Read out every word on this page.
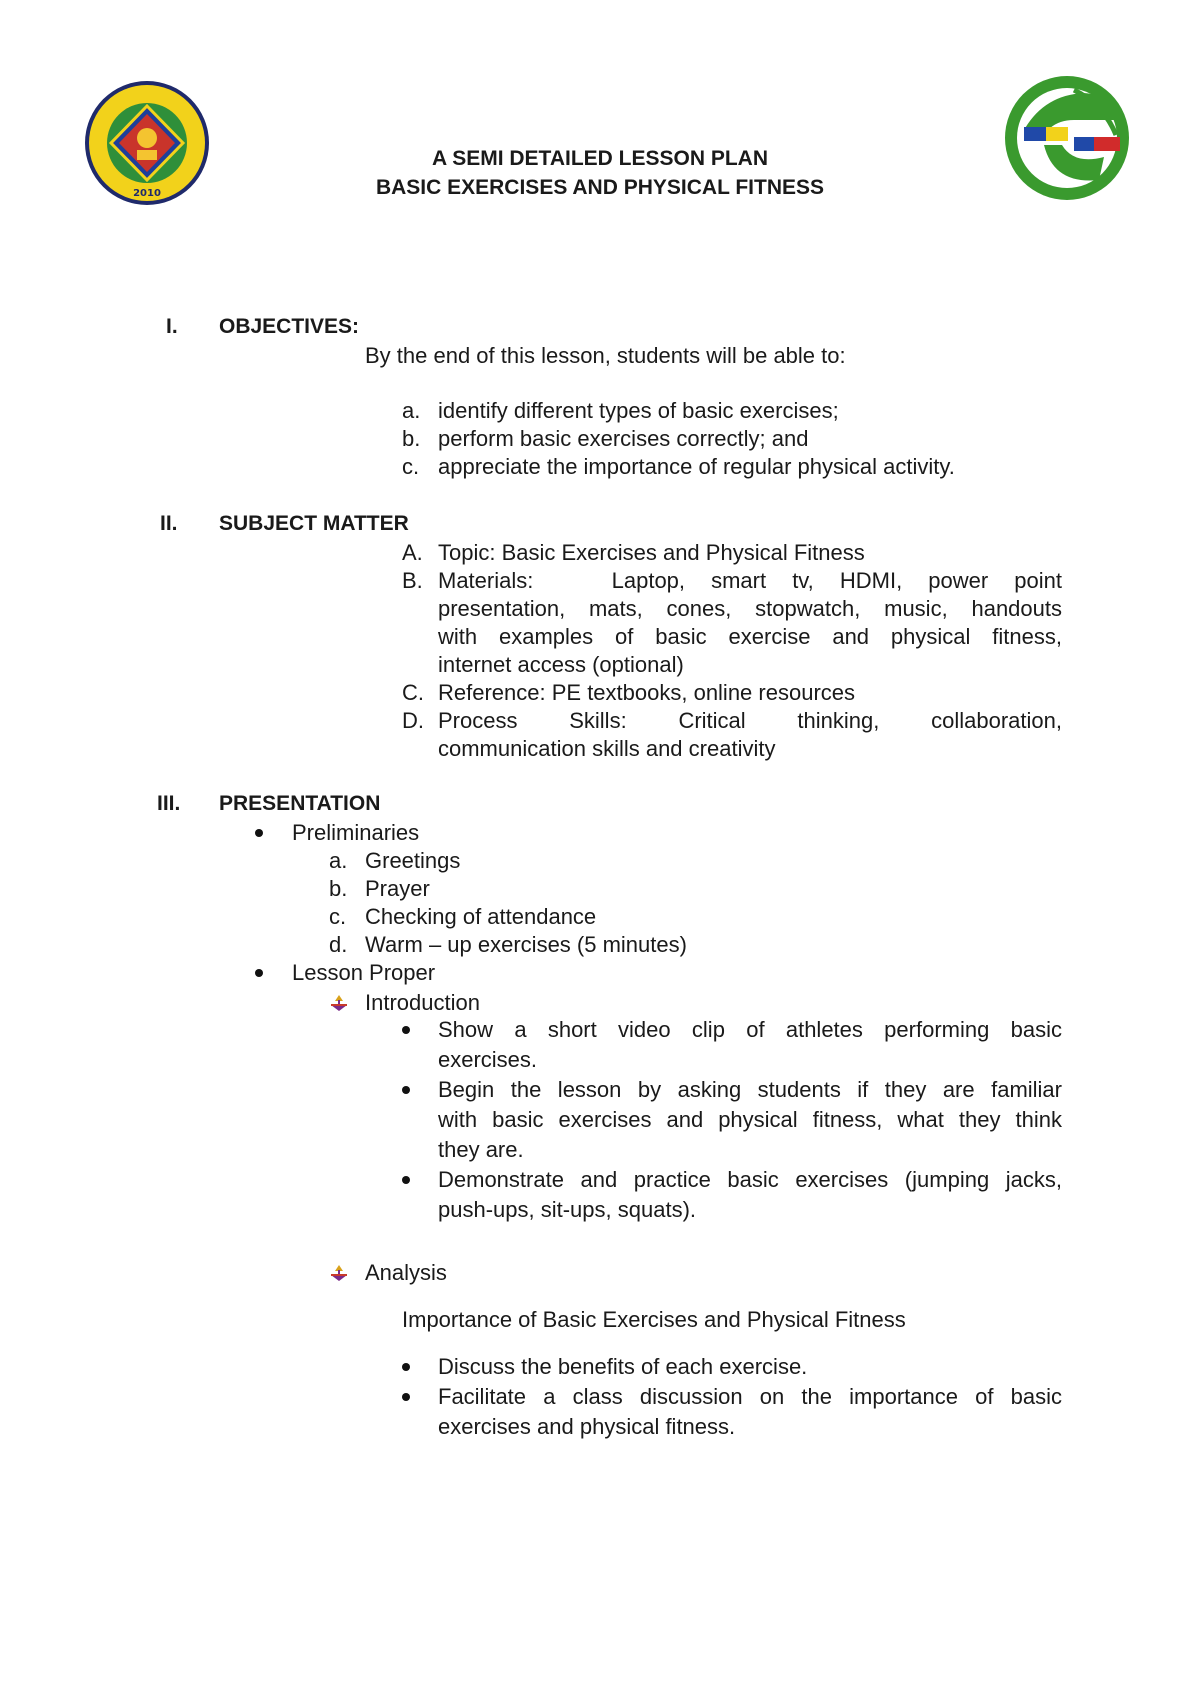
2010
A SEMI DETAILED LESSON PLAN
BASIC EXERCISES AND PHYSICAL FITNESS
I. OBJECTIVES:
By the end of this lesson, students will be able to:
a. identify different types of basic exercises;
b. perform basic exercises correctly; and
c. appreciate the importance of regular physical activity.
II. SUBJECT MATTER
A. Topic: Basic Exercises and Physical Fitness
B. Materials:   Laptop, smart tv, HDMI, power point
presentation, mats, cones, stopwatch, music, handouts
with examples of basic exercise and physical fitness,
internet access (optional)
C. Reference: PE textbooks, online resources
D. Process Skills: Critical thinking, collaboration,
communication skills and creativity
III. PRESENTATION
Preliminaries
a. Greetings
b. Prayer
c. Checking of attendance
d. Warm – up exercises (5 minutes)
Lesson Proper
Introduction
Show a short video clip of athletes performing basic
exercises.
Begin the lesson by asking students if they are familiar
with basic exercises and physical fitness, what they think
they are.
Demonstrate and practice basic exercises (jumping jacks,
push-ups, sit-ups, squats).
Analysis
Importance of Basic Exercises and Physical Fitness
Discuss the benefits of each exercise.
Facilitate a class discussion on the importance of basic
exercises and physical fitness.
